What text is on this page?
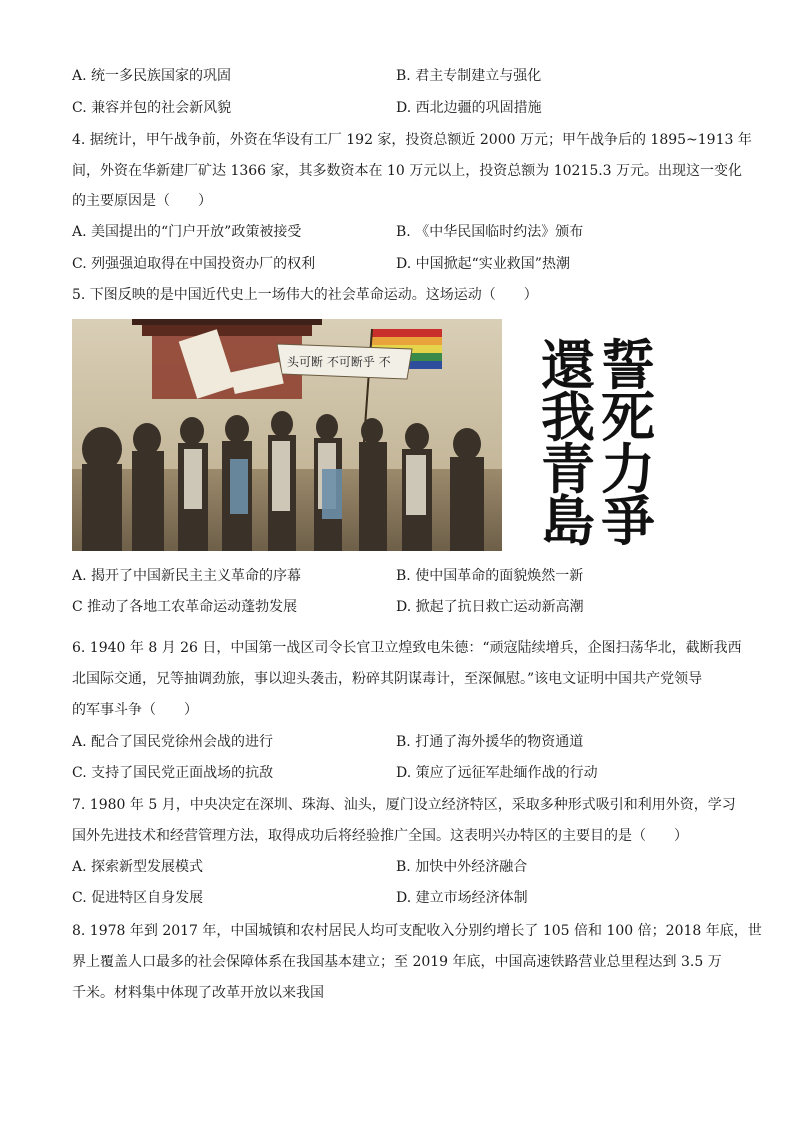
A. 统一多民族国家的巩固	B. 君主专制建立与强化
C. 兼容并包的社会新风貌	D. 西北边疆的巩固措施
4. 据统计，甲午战争前，外资在华设有工厂 192 家，投资总额近 2000 万元；甲午战争后的 1895~1913 年
间，外资在华新建厂矿达 1366 家，其多数资本在 10 万元以上，投资总额为 10215.3 万元。出现这一变化
的主要原因是（　　）
A. 美国提出的“门户开放”政策被接受	B. 《中华民国临时约法》颁布
C. 列强强迫取得在中国投资办厂的权利	D. 中国掀起“实业救国”热潮
5. 下图反映的是中国近代史上一场伟大的社会革命运动。这场运动（　　）
头可断 不可断乎 不	還
我
青
島
誓
死
力
爭
A. 揭开了中国新民主主义革命的序幕	B. 使中国革命的面貌焕然一新
C 推动了各地工农革命运动蓬勃发展	D. 掀起了抗日救亡运动新高潮
6. 1940 年 8 月 26 日，中国第一战区司令长官卫立煌致电朱德：“顽寇陆续增兵，企图扫荡华北，截断我西
北国际交通，兄等抽调劲旅，事以迎头袭击，粉碎其阴谋毒计，至深佩慰。”该电文证明中国共产党领导
的军事斗争（　　）
A. 配合了国民党徐州会战的进行	B. 打通了海外援华的物资通道
C. 支持了国民党正面战场的抗敌	D. 策应了远征军赴缅作战的行动
7. 1980 年 5 月，中央决定在深圳、珠海、汕头，厦门设立经济特区，采取多种形式吸引和利用外资，学习
国外先进技术和经营管理方法，取得成功后将经验推广全国。这表明兴办特区的主要目的是（　　）
A. 探索新型发展模式	B. 加快中外经济融合
C. 促进特区自身发展	D. 建立市场经济体制
8. 1978 年到 2017 年，中国城镇和农村居民人均可支配收入分别约增长了 105 倍和 100 倍；2018 年底，世
界上覆盖人口最多的社会保障体系在我国基本建立；至 2019 年底，中国高速铁路营业总里程达到 3.5 万
千米。材料集中体现了改革开放以来我国
